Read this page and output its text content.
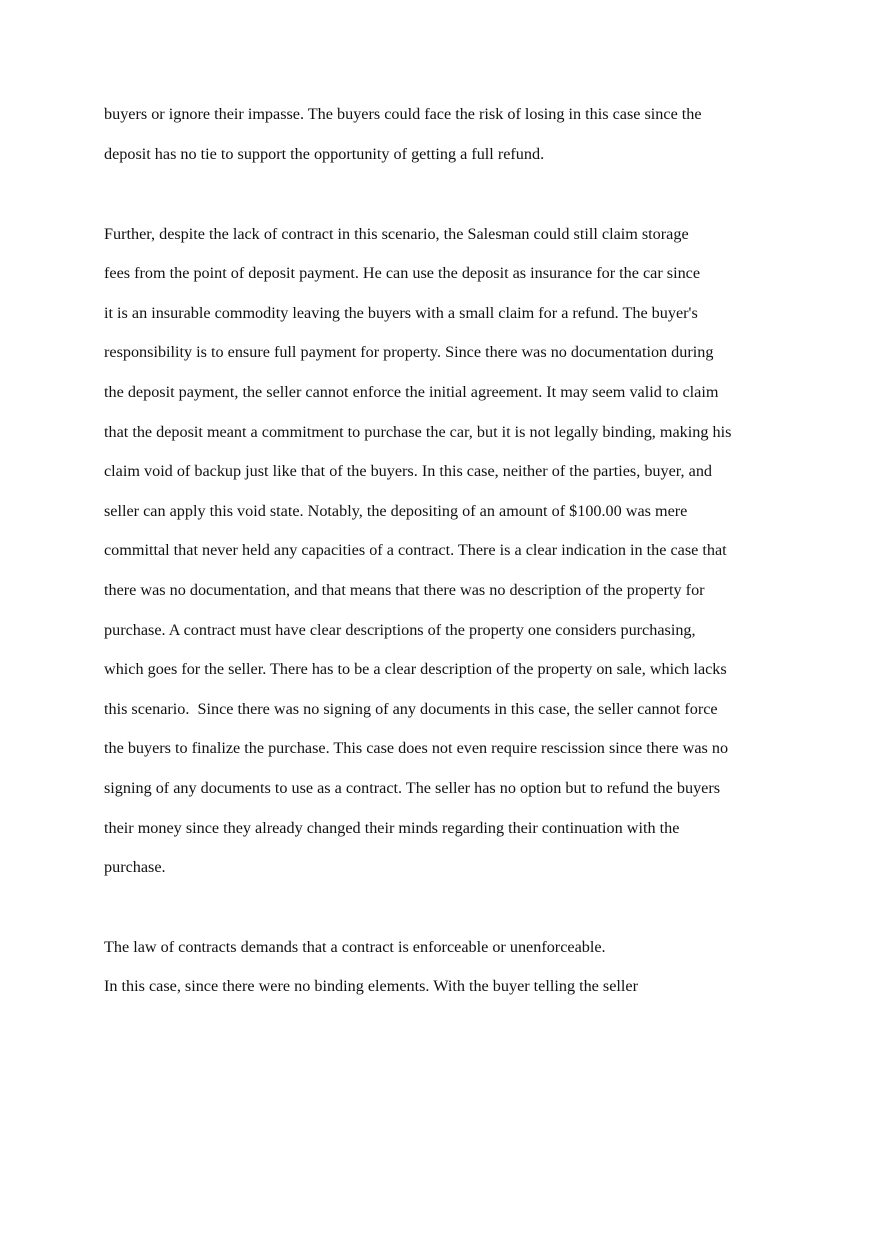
buyers or ignore their impasse. The buyers could face the risk of losing in this case since the

deposit has no tie to support the opportunity of getting a full refund.

Further, despite the lack of contract in this scenario, the Salesman could still claim storage

fees from the point of deposit payment. He can use the deposit as insurance for the car since

it is an insurable commodity leaving the buyers with a small claim for a refund. The buyer's

responsibility is to ensure full payment for property. Since there was no documentation during

the deposit payment, the seller cannot enforce the initial agreement. It may seem valid to claim

that the deposit meant a commitment to purchase the car, but it is not legally binding, making his

claim void of backup just like that of the buyers. In this case, neither of the parties, buyer, and

seller can apply this void state. Notably, the depositing of an amount of $100.00 was mere

committal that never held any capacities of a contract. There is a clear indication in the case that

there was no documentation, and that means that there was no description of the property for

purchase. A contract must have clear descriptions of the property one considers purchasing,

which goes for the seller. There has to be a clear description of the property on sale, which lacks

this scenario.  Since there was no signing of any documents in this case, the seller cannot force

the buyers to finalize the purchase. This case does not even require rescission since there was no

signing of any documents to use as a contract. The seller has no option but to refund the buyers

their money since they already changed their minds regarding their continuation with the

purchase.

The law of contracts demands that a contract is enforceable or unenforceable.

In this case, since there were no binding elements. With the buyer telling the seller
